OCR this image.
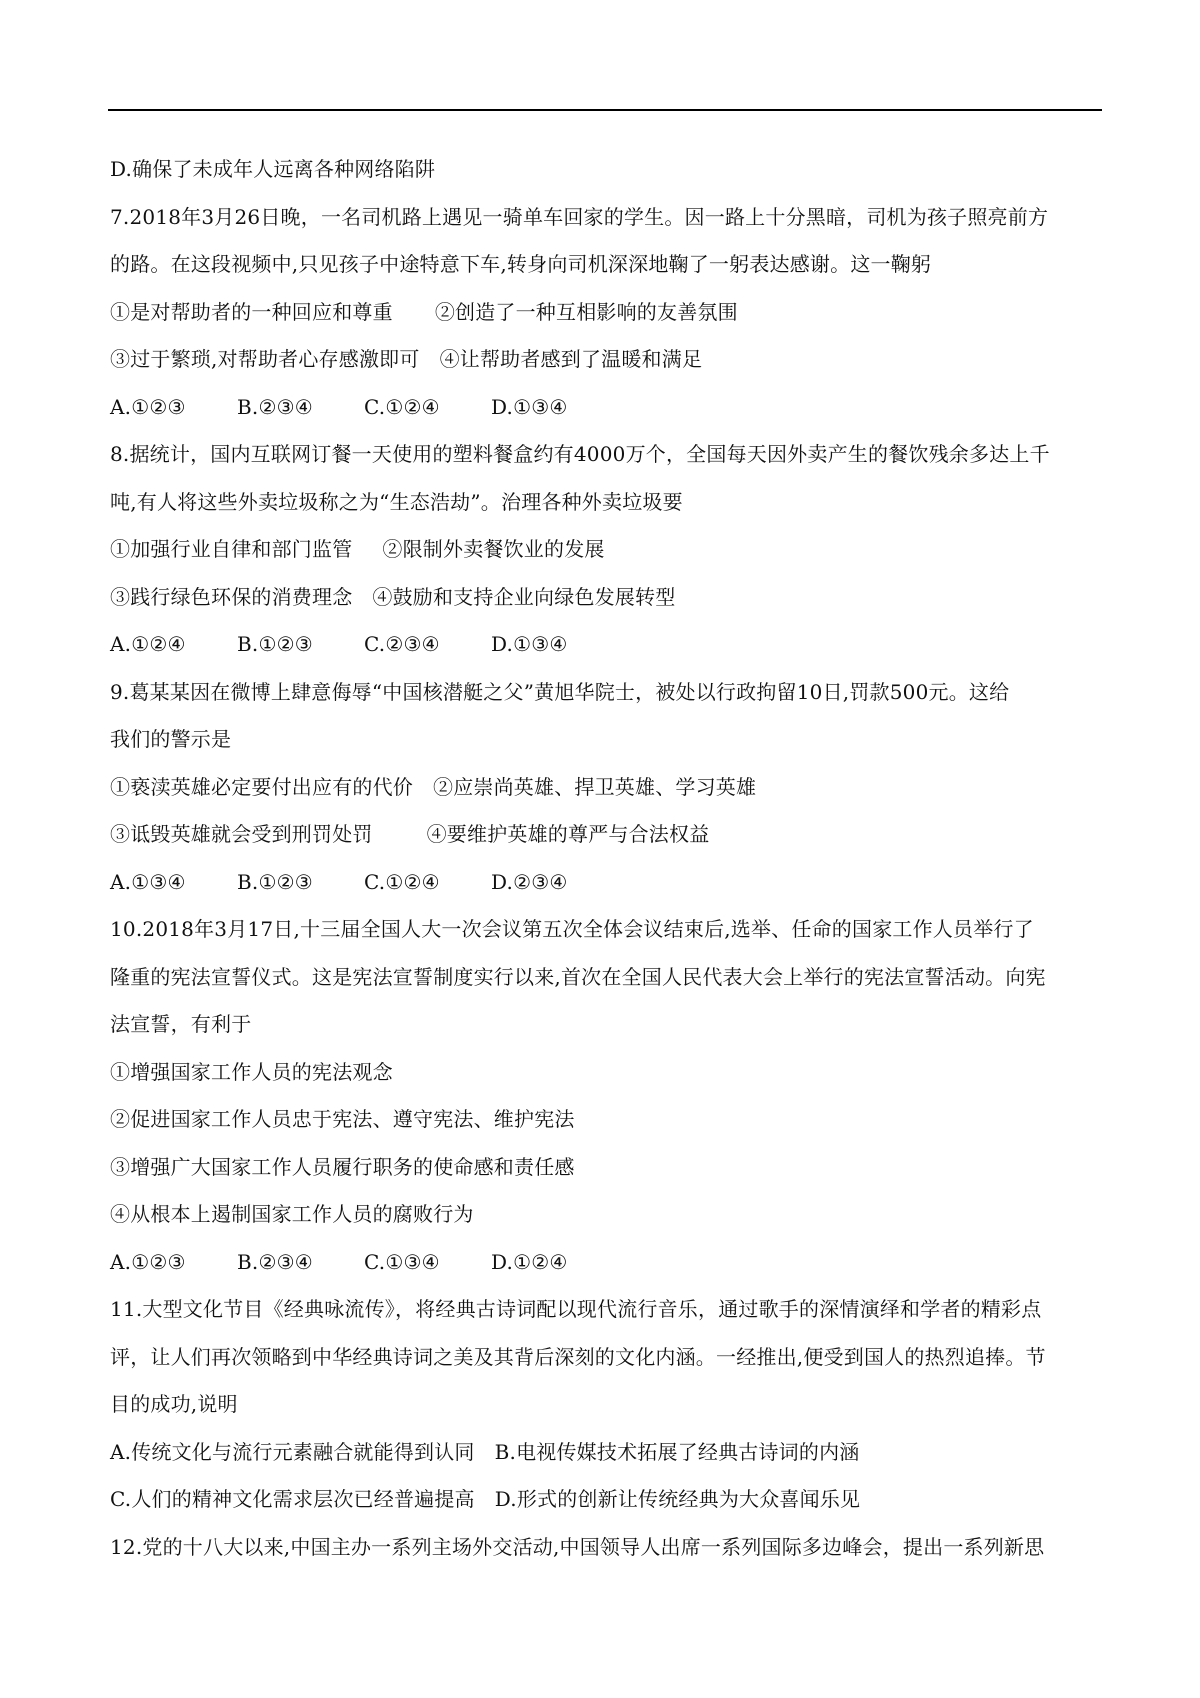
D.确保了未成年人远离各种网络陷阱
7.2018年3月26日晚，一名司机路上遇见一骑单车回家的学生。因一路上十分黑暗，司机为孩子照亮前方
的路。在这段视频中,只见孩子中途特意下车,转身向司机深深地鞠了一躬表达感谢。这一鞠躬
①是对帮助者的一种回应和尊重 ②创造了一种互相影响的友善氛围
③过于繁琐,对帮助者心存感激即可 ④让帮助者感到了温暖和满足
A.①②③	B.②③④	C.①②④	D.①③④
8.据统计，国内互联网订餐一天使用的塑料餐盒约有4000万个，全国每天因外卖产生的餐饮残余多达上千
吨,有人将这些外卖垃圾称之为“生态浩劫”。治理各种外卖垃圾要
①加强行业自律和部门监管 ②限制外卖餐饮业的发展
③践行绿色环保的消费理念 ④鼓励和支持企业向绿色发展转型
A.①②④	B.①②③	C.②③④	D.①③④
9.葛某某因在微博上肆意侮辱“中国核潜艇之父”黄旭华院士，被处以行政拘留10日,罚款500元。这给
我们的警示是
①亵渎英雄必定要付出应有的代价 ②应崇尚英雄、捍卫英雄、学习英雄
③诋毁英雄就会受到刑罚处罚	④要维护英雄的尊严与合法权益
A.①③④	B.①②③	C.①②④	D.②③④
10.2018年3月17日,十三届全国人大一次会议第五次全体会议结束后,选举、任命的国家工作人员举行了
隆重的宪法宣誓仪式。这是宪法宣誓制度实行以来,首次在全国人民代表大会上举行的宪法宣誓活动。向宪
法宣誓，有利于
①增强国家工作人员的宪法观念
②促进国家工作人员忠于宪法、遵守宪法、维护宪法
③增强广大国家工作人员履行职务的使命感和责任感
④从根本上遏制国家工作人员的腐败行为
A.①②③	B.②③④	C.①③④	D.①②④
11.大型文化节目《经典咏流传》，将经典古诗词配以现代流行音乐，通过歌手的深情演绎和学者的精彩点
评，让人们再次领略到中华经典诗词之美及其背后深刻的文化内涵。一经推出,便受到国人的热烈追捧。节
目的成功,说明
A.传统文化与流行元素融合就能得到认同 B.电视传媒技术拓展了经典古诗词的内涵
C.人们的精神文化需求层次已经普遍提高 D.形式的创新让传统经典为大众喜闻乐见
12.党的十八大以来,中国主办一系列主场外交活动,中国领导人出席一系列国际多边峰会，提出一系列新思
